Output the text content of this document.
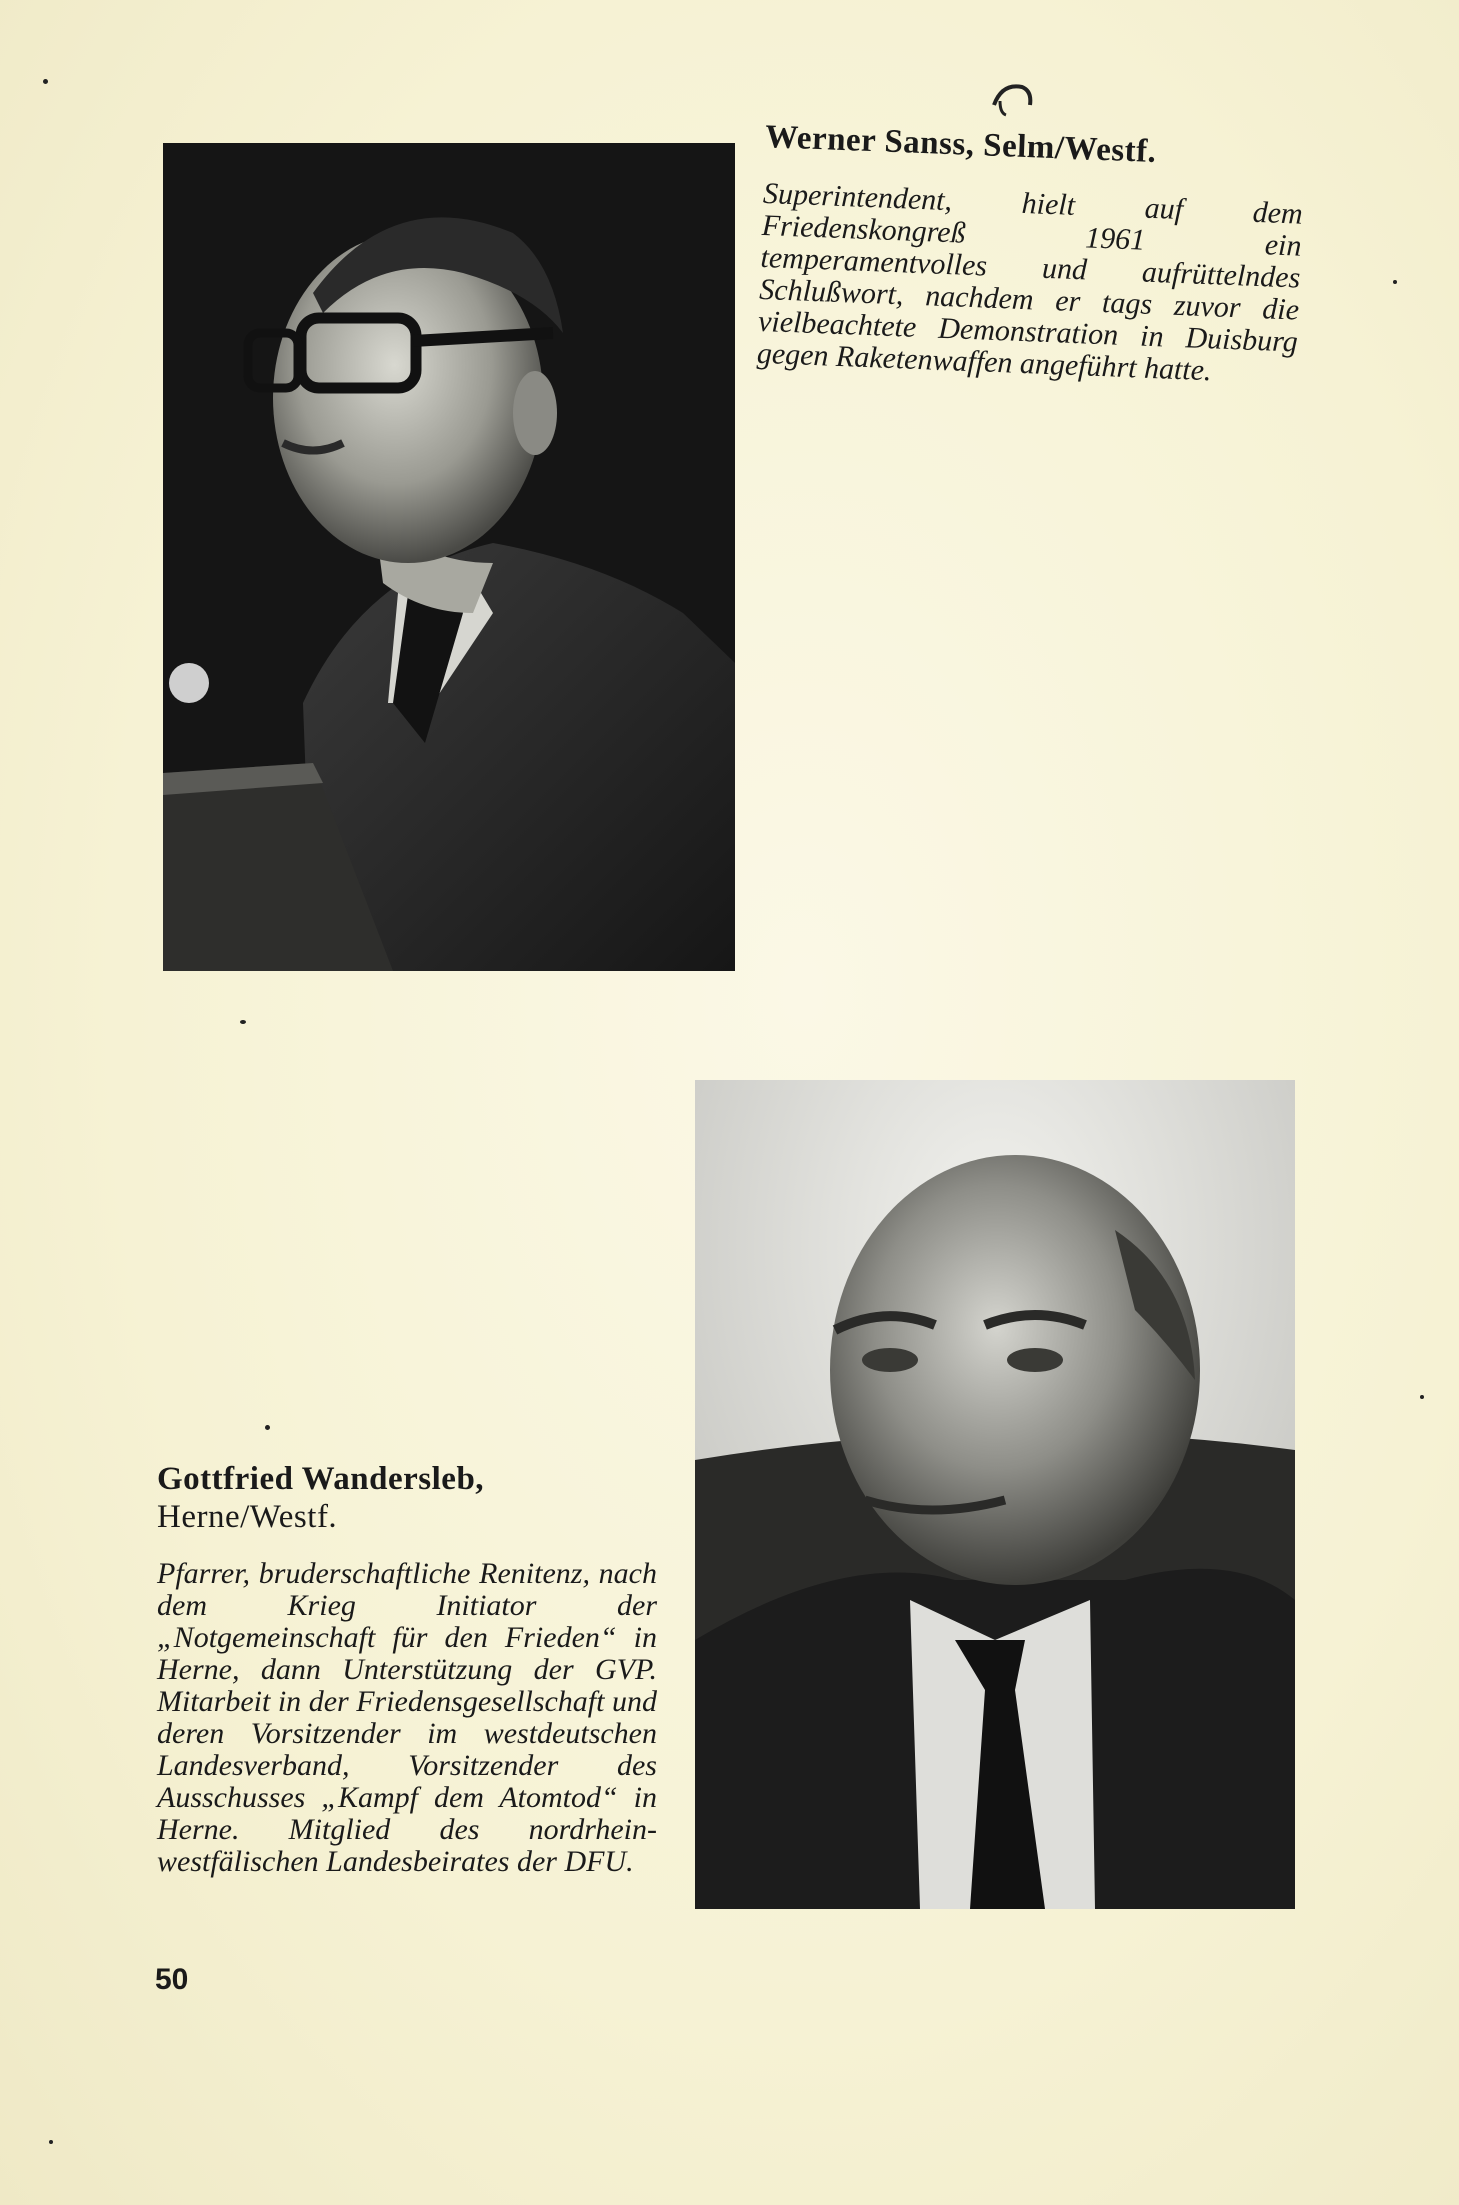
Werner Sanss, Selm/Westf.
Superintendent, hielt auf dem Friedenskongreß 1961 ein temperamentvolles und aufrüttelndes Schlußwort, nachdem er tags zuvor die vielbeachtete Demonstration in Duisburg gegen Raketenwaffen angeführt hatte.
Gottfried Wandersleb,
Herne/Westf.
Pfarrer, bruderschaftliche Renitenz, nach dem Krieg Initiator der „Notgemeinschaft für den Frieden“ in Herne, dann Unterstützung der GVP. Mitarbeit in der Friedensgesellschaft und deren Vorsitzender im westdeutschen Landesverband, Vorsitzender des Ausschusses „Kampf dem Atomtod“ in Herne. Mitglied des nordrhein-westfälischen Landesbeirates der DFU.
50
